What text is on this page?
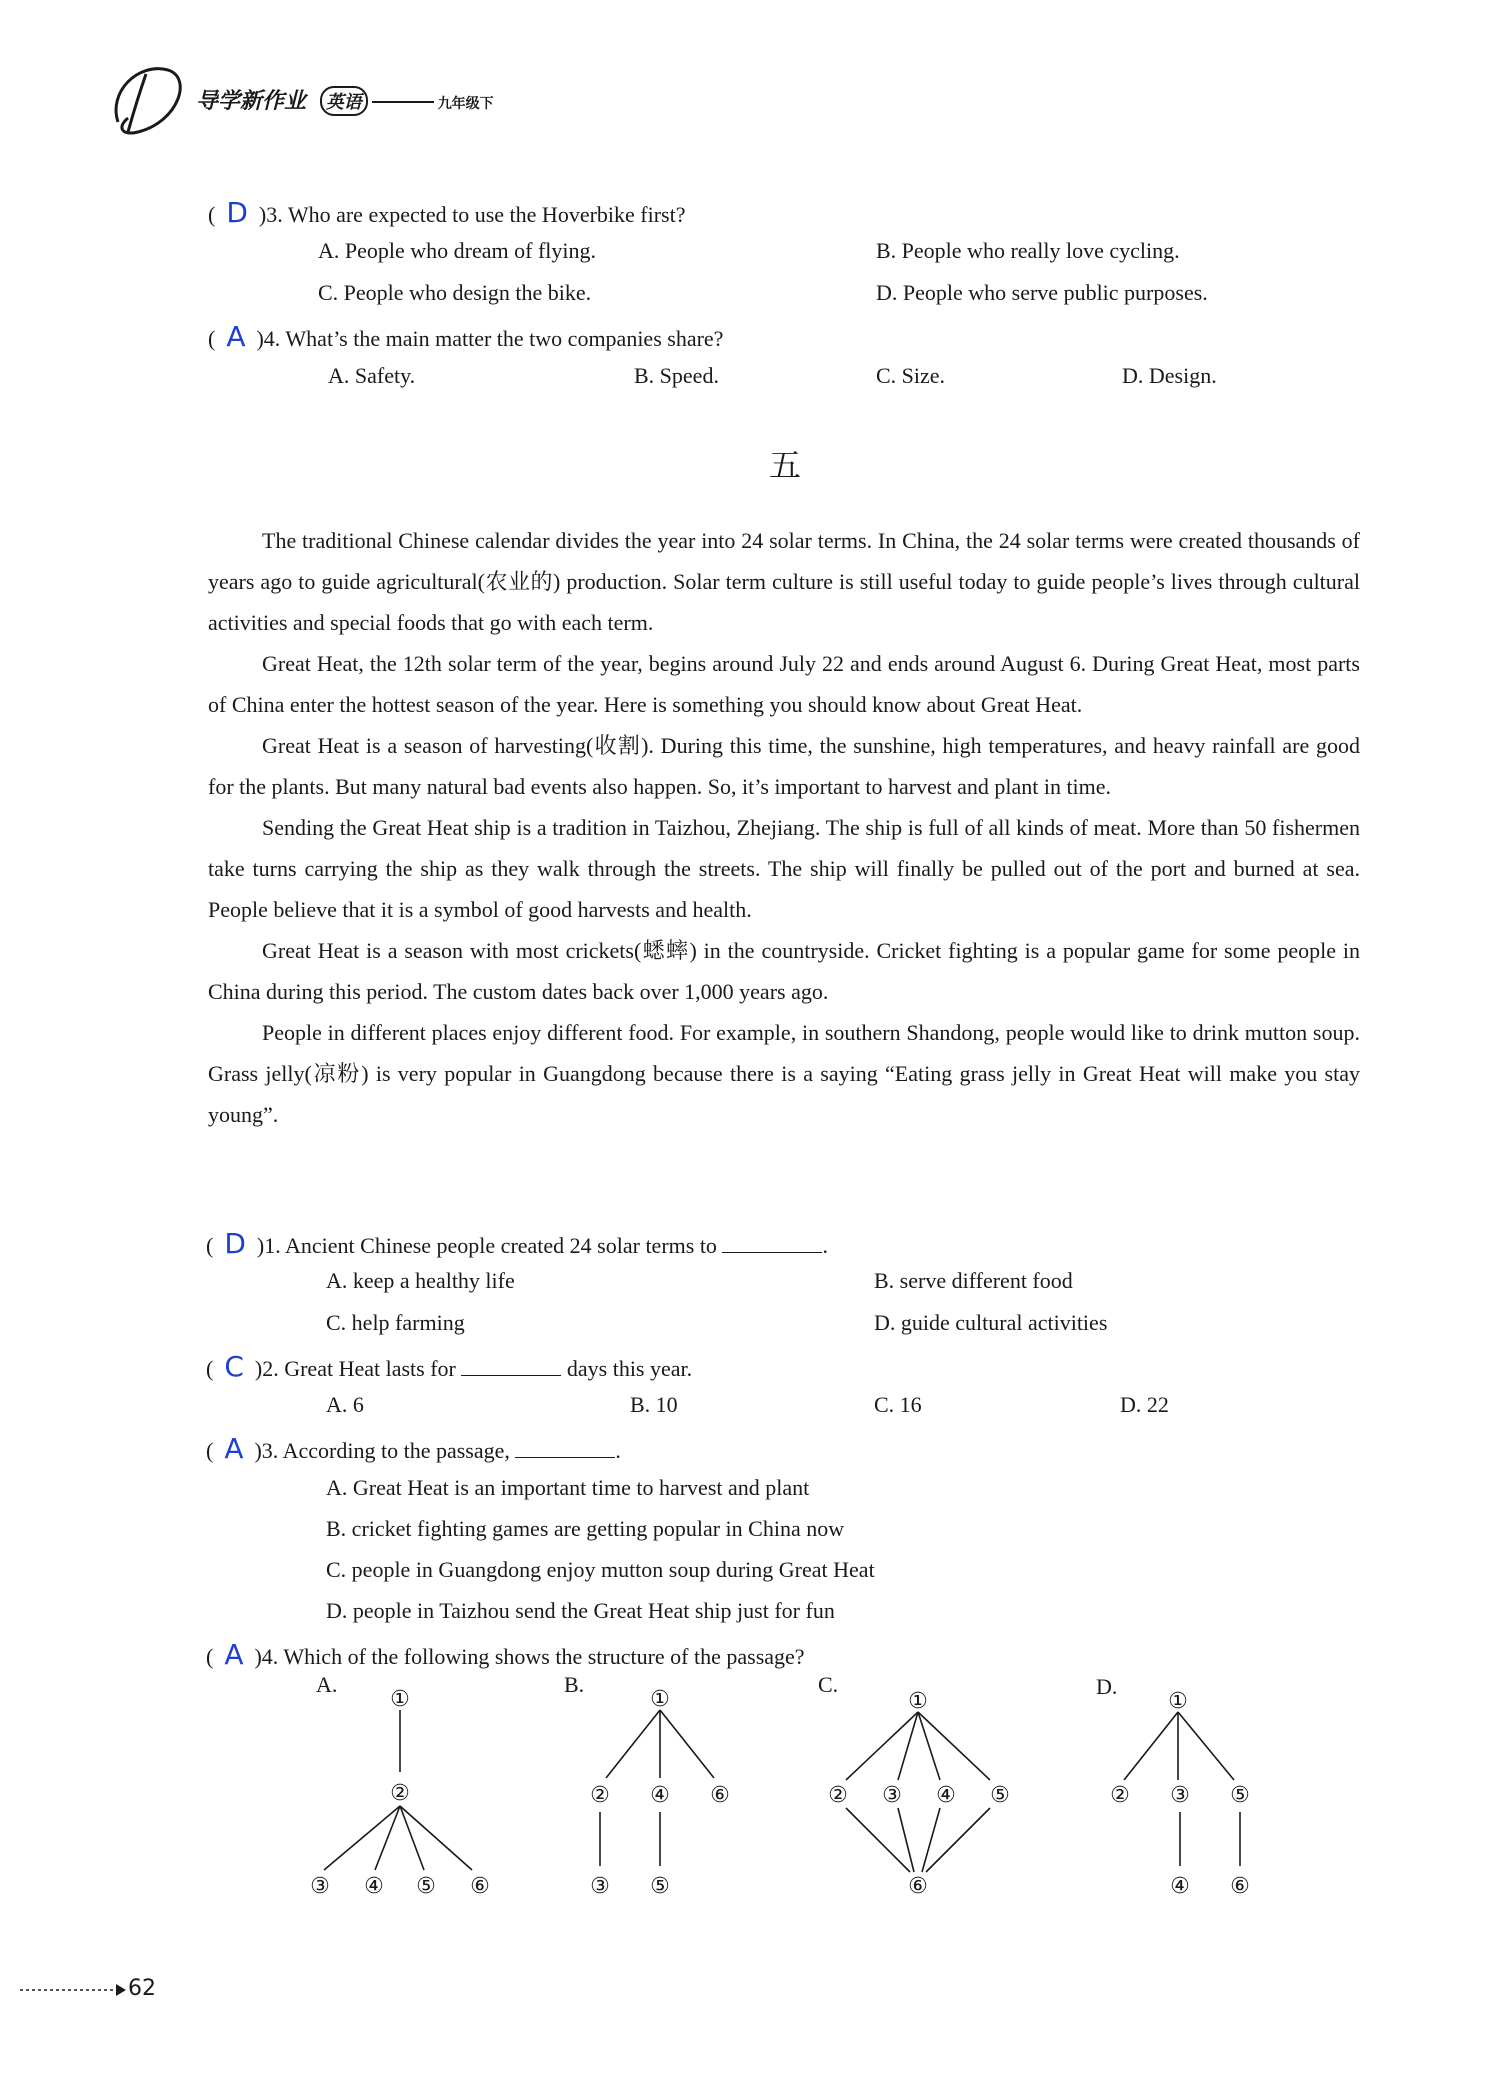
D 导学新作业 英语	九年级下
(  D )3. Who are expected to use the Hoverbike first?
A. People who dream of flying.	B. People who really love cycling.
C. People who design the bike.	D. People who serve public purposes.
(  A )4. What’s the main matter the two companies share?
A. Safety.	B. Speed.	C. Size.	D. Design.
五

The traditional Chinese calendar divides the year into 24 solar terms. In China, the 24 solar terms were created thousands of years ago to guide agricultural(农业的) production. Solar term culture is still useful today to guide people’s lives through cultural activities and special foods that go with each term.

Great Heat, the 12th solar term of the year, begins around July 22 and ends around August 6. During Great Heat, most parts of China enter the hottest season of the year. Here is something you should know about Great Heat.

Great Heat is a season of harvesting(收割). During this time, the sunshine, high temperatures, and heavy rainfall are good for the plants. But many natural bad events also happen. So, it’s important to harvest and plant in time.

Sending the Great Heat ship is a tradition in Taizhou, Zhejiang. The ship is full of all kinds of meat. More than 50 fishermen take turns carrying the ship as they walk through the streets. The ship will finally be pulled out of the port and burned at sea. People believe that it is a symbol of good harvests and health.

Great Heat is a season with most crickets(蟋蟀) in the countryside. Cricket fighting is a popular game for some people in China during this period. The custom dates back over 1,000 years ago.

People in different places enjoy different food. For example, in southern Shandong, people would like to drink mutton soup. Grass jelly(凉粉) is very popular in Guangdong because there is a saying “Eating grass jelly in Great Heat will make you stay young”.

(  D )1. Ancient Chinese people created 24 solar terms to	.
A. keep a healthy life	B. serve different food
C. help farming	D. guide cultural activities
(  C )2. Great Heat lasts for	days this year.
A. 6	B. 10	C. 16	D. 22
(  A )3. According to the passage,	.
A. Great Heat is an important time to harvest and plant
B. cricket fighting games are getting popular in China now
C. people in Guangdong enjoy mutton soup during Great Heat
D. people in Taizhou send the Great Heat ship just for fun
(  A )4. Which of the following shows the structure of the passage?
A.	B.	C.	D.
①
②
③ ④ ⑤ ⑥
①
② ④ ⑥
③ ⑤
①
② ③ ④ ⑤
⑥
①
② ③ ⑤
④ ⑥
62
